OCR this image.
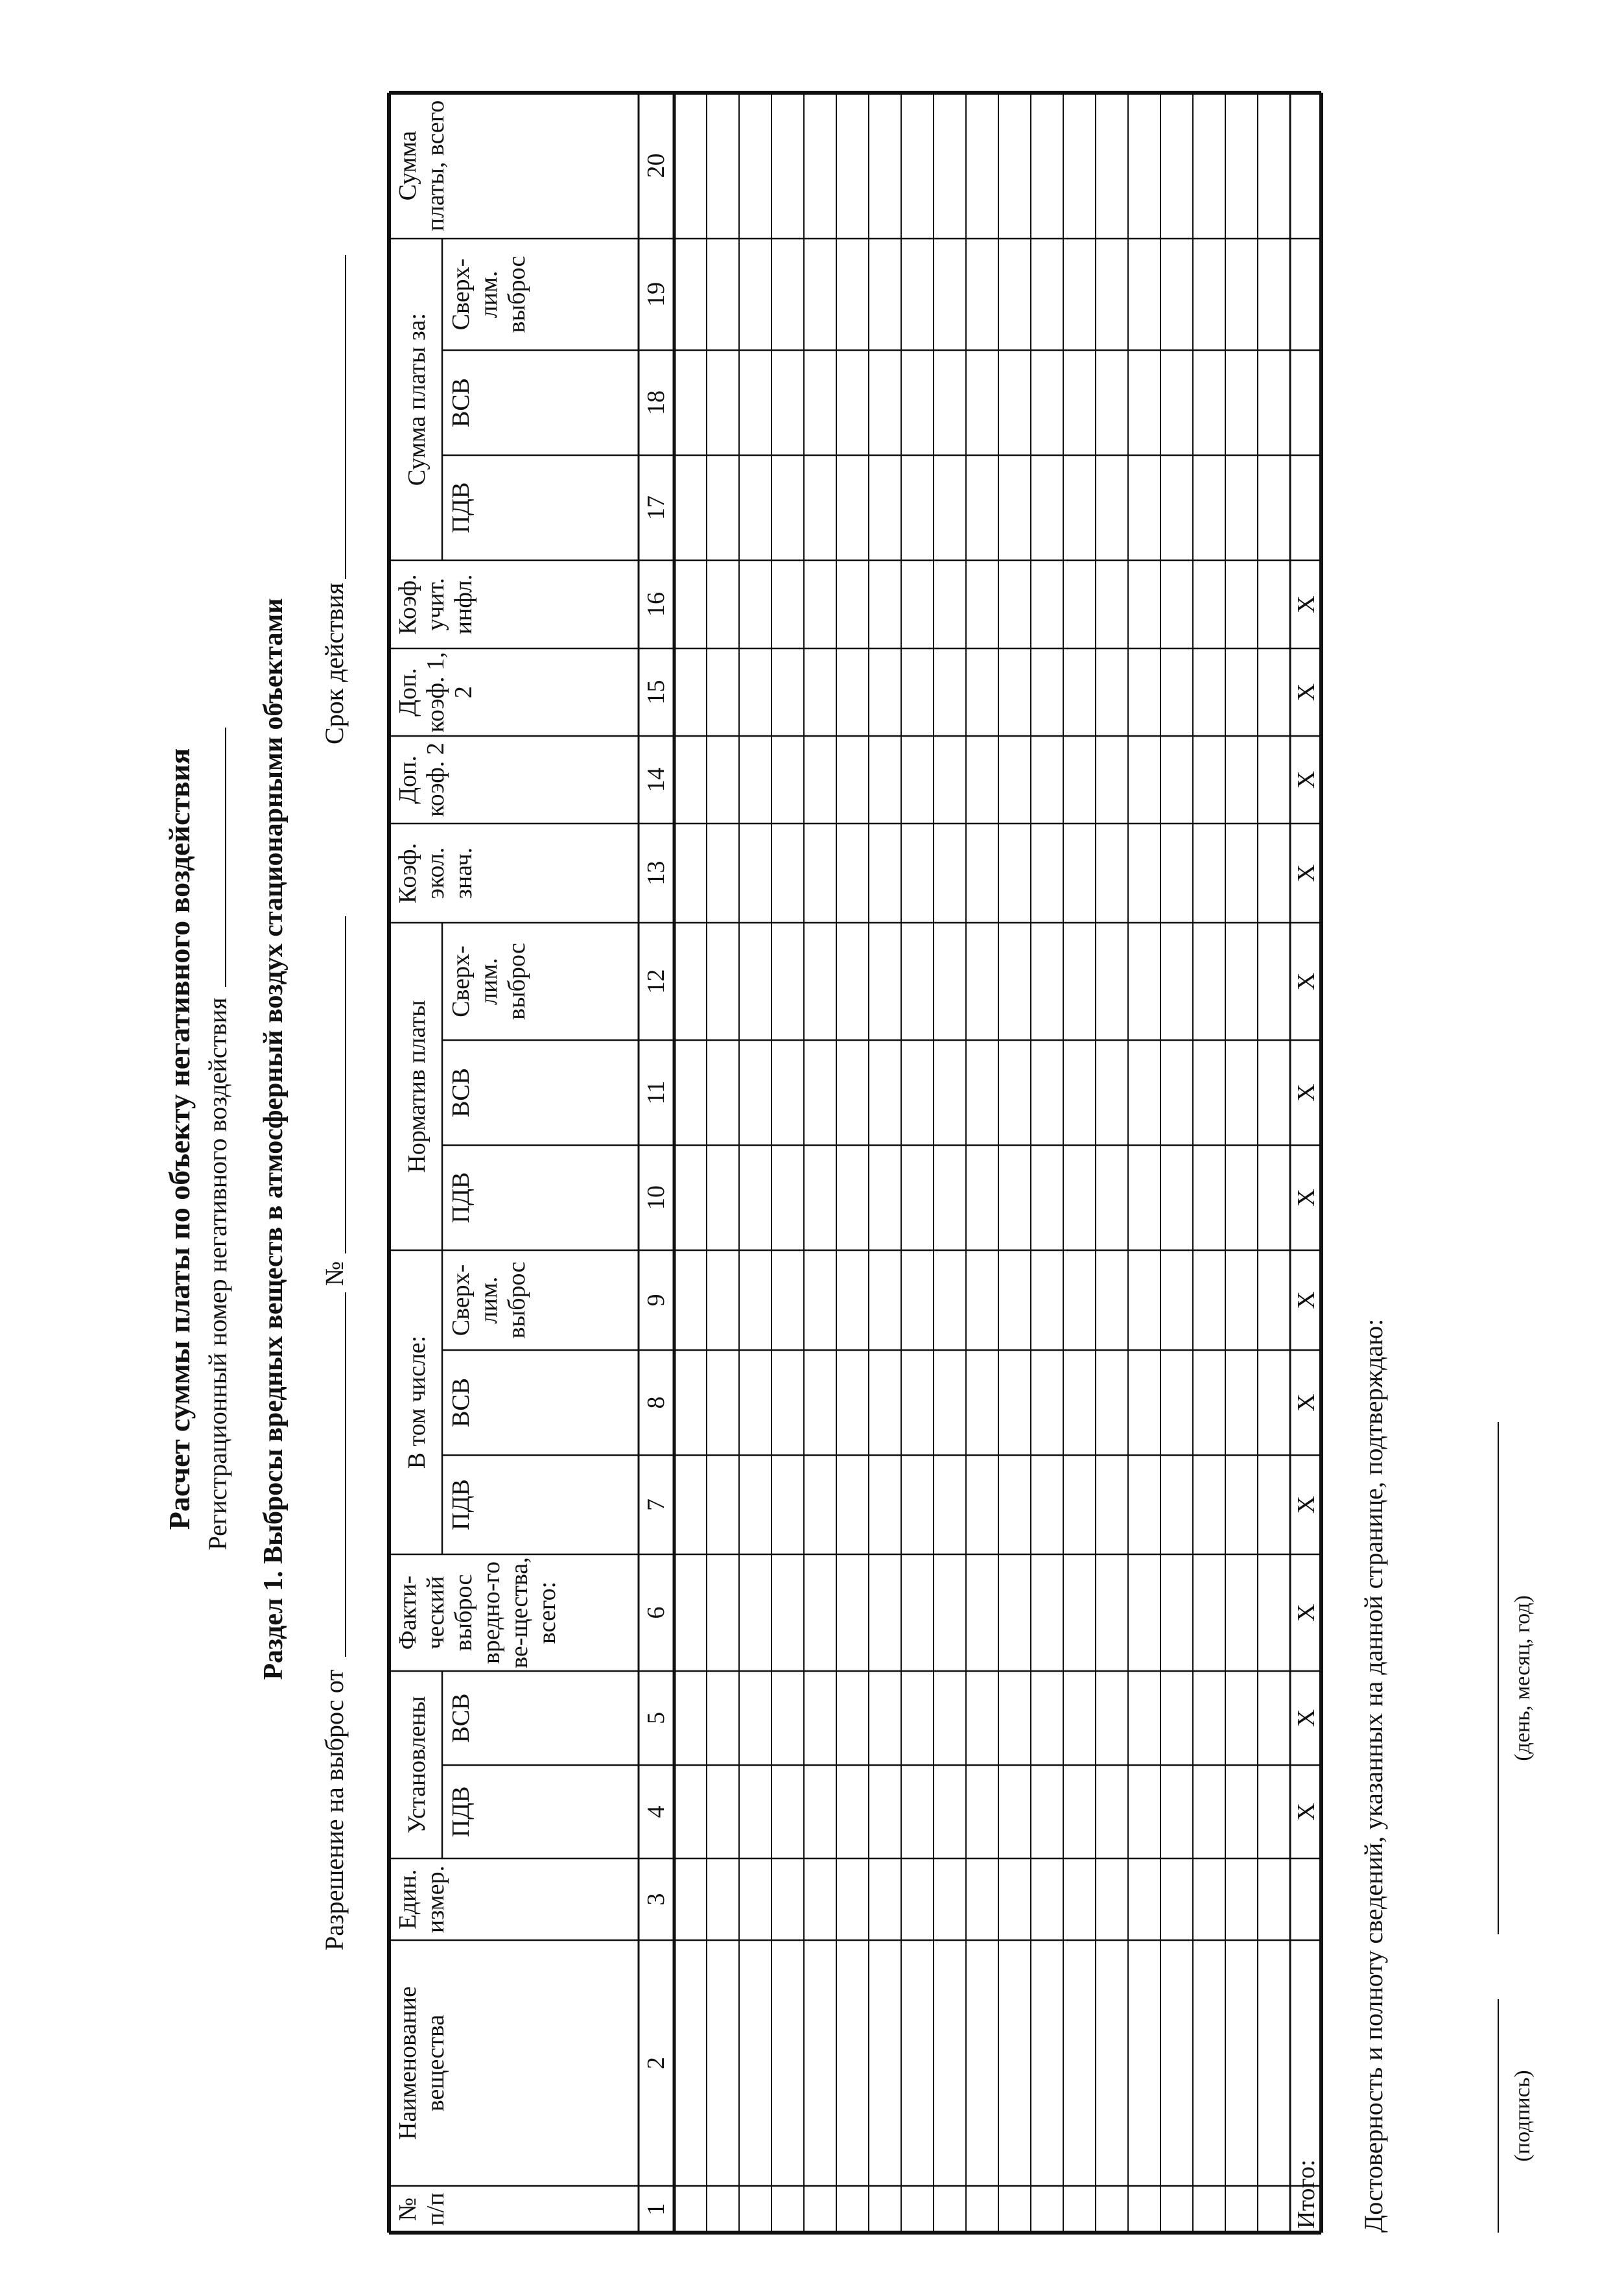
Расчет суммы платы по объекту негативного воздействия Регистрационный номер негативного воздействия Раздел 1. Выбросы вредных веществ в атмосферный воздух стационарными объектами
Разрешение на выброс от
№
Срок действия
№ п/п
Наименование вещества
Един. измер.
Факти-ческий выброс вредно-го ве-щества, всего:
Коэф. экол. знач.
Доп. коэф. 2
Доп. коэф. 1, 2
Коэф. учит. инфл.
Сумма платы, всего
Установлены
В том числе:
Норматив платы
Сумма платы за:
ПДВ
ВСВ
ПДВ
ВСВ
Сверх-лим. выброс
ПДВ
ВСВ
Сверх-лим. выброс
ПДВ
ВСВ
Сверх-лим. выброс
1
2
3
4
5
6
7
8
9
10
11
12
13
14
15
16
17
18
19
20
Итого:
X
X
X
X
X
X
X
X
X
X
X
X
X
Достоверность и полноту сведений, указанных на данной странице, подтверждаю:	(подпись)
(день, месяц, год)
